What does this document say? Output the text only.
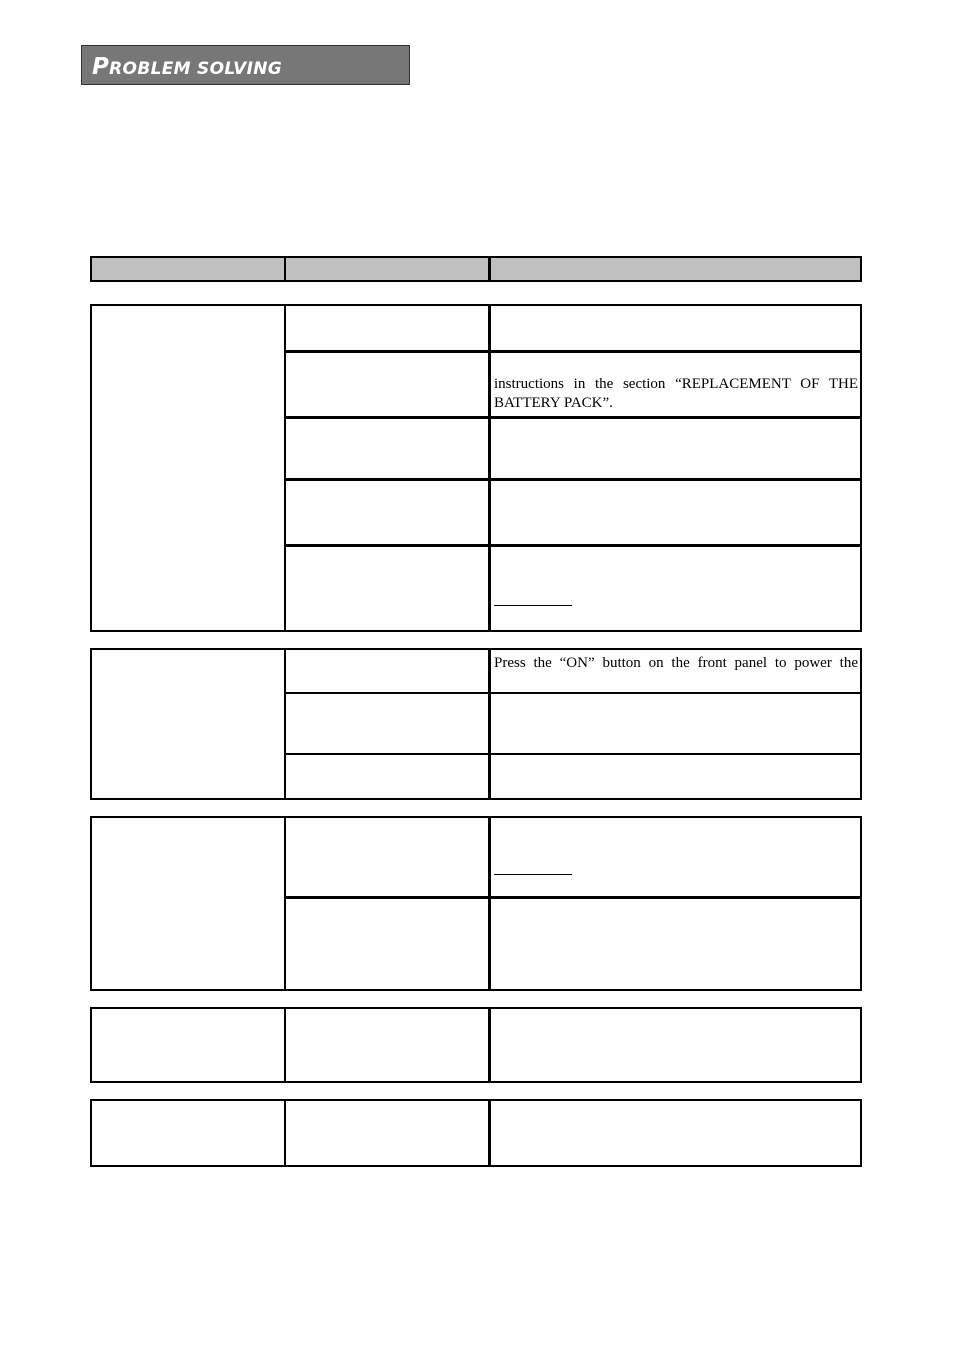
PROBLEM SOLVING
instructions in the section “REPLACEMENT OF THE
BATTERY PACK”.
Press the “ON” button on the front panel to power the
